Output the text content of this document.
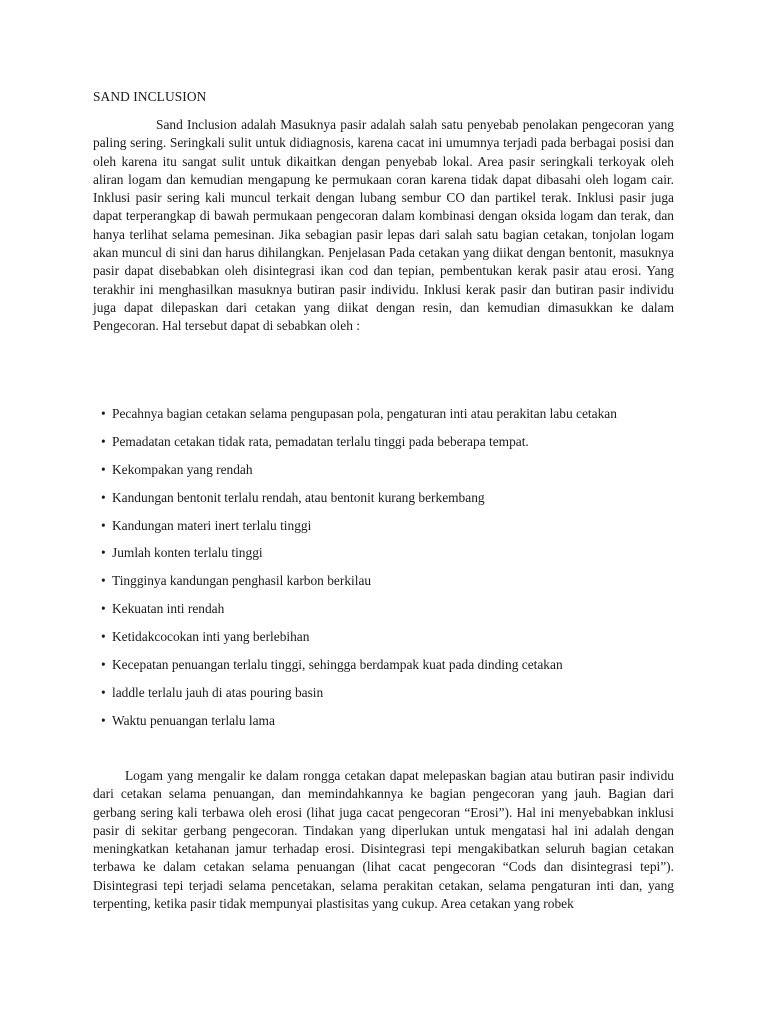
SAND INCLUSION

Sand Inclusion adalah Masuknya pasir adalah salah satu penyebab penolakan pengecoran yang paling sering. Seringkali sulit untuk didiagnosis, karena cacat ini umumnya terjadi pada berbagai posisi dan oleh karena itu sangat sulit untuk dikaitkan dengan penyebab lokal. Area pasir seringkali terkoyak oleh aliran logam dan kemudian mengapung ke permukaan coran karena tidak dapat dibasahi oleh logam cair. Inklusi pasir sering kali muncul terkait dengan lubang sembur CO dan partikel terak. Inklusi pasir juga dapat terperangkap di bawah permukaan pengecoran dalam kombinasi dengan oksida logam dan terak, dan hanya terlihat selama pemesinan. Jika sebagian pasir lepas dari salah satu bagian cetakan, tonjolan logam akan muncul di sini dan harus dihilangkan. Penjelasan Pada cetakan yang diikat dengan bentonit, masuknya pasir dapat disebabkan oleh disintegrasi ikan cod dan tepian, pembentukan kerak pasir atau erosi. Yang terakhir ini menghasilkan masuknya butiran pasir individu. Inklusi kerak pasir dan butiran pasir individu juga dapat dilepaskan dari cetakan yang diikat dengan resin, dan kemudian dimasukkan ke dalam Pengecoran. Hal tersebut dapat di sebabkan oleh :

• Pecahnya bagian cetakan selama pengupasan pola, pengaturan inti atau perakitan labu cetakan
• Pemadatan cetakan tidak rata, pemadatan terlalu tinggi pada beberapa tempat.
• Kekompakan yang rendah
• Kandungan bentonit terlalu rendah, atau bentonit kurang berkembang
• Kandungan materi inert terlalu tinggi
• Jumlah konten terlalu tinggi
• Tingginya kandungan penghasil karbon berkilau
• Kekuatan inti rendah
• Ketidakcocokan inti yang berlebihan
• Kecepatan penuangan terlalu tinggi, sehingga berdampak kuat pada dinding cetakan
• laddle terlalu jauh di atas pouring basin
• Waktu penuangan terlalu lama

Logam yang mengalir ke dalam rongga cetakan dapat melepaskan bagian atau butiran pasir individu dari cetakan selama penuangan, dan memindahkannya ke bagian pengecoran yang jauh. Bagian dari gerbang sering kali terbawa oleh erosi (lihat juga cacat pengecoran “Erosi”). Hal ini menyebabkan inklusi pasir di sekitar gerbang pengecoran. Tindakan yang diperlukan untuk mengatasi hal ini adalah dengan meningkatkan ketahanan jamur terhadap erosi. Disintegrasi tepi mengakibatkan seluruh bagian cetakan terbawa ke dalam cetakan selama penuangan (lihat cacat pengecoran “Cods dan disintegrasi tepi”). Disintegrasi tepi terjadi selama pencetakan, selama perakitan cetakan, selama pengaturan inti dan, yang terpenting, ketika pasir tidak mempunyai plastisitas yang cukup. Area cetakan yang robek
